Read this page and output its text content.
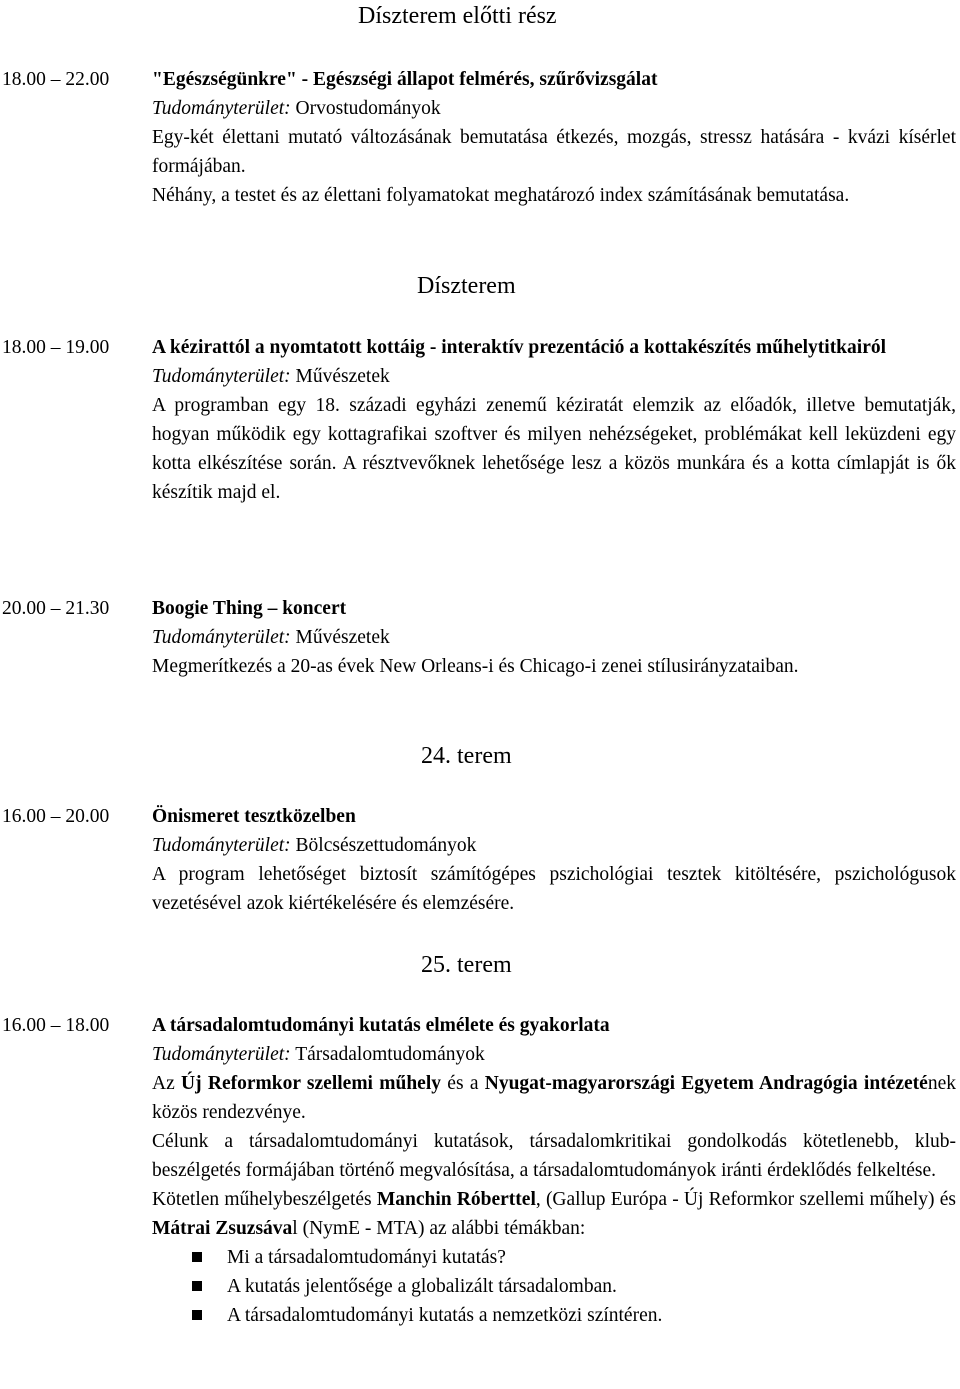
Díszterem előtti rész
18.00 – 22.00 "Egészségünkre" - Egészségi állapot felmérés, szűrővizsgálat
Tudományterület: Orvostudományok

Egy-két élettani mutató változásának bemutatása étkezés, mozgás, stressz hatására - kvázi kísérlet formájában.

Néhány, a testet és az élettani folyamatokat meghatározó index számításának bemutatása.

Díszterem
18.00 – 19.00 A kézirattól a nyomtatott kottáig - interaktív prezentáció a kottakészítés műhelytitkairól
Tudományterület: Művészetek

A programban egy 18. századi egyházi zenemű kéziratát elemzik az előadók, illetve bemutatják, hogyan működik egy kottagrafikai szoftver és milyen nehézségeket, problémákat kell leküzdeni egy kotta elkészítése során. A résztvevőknek lehetősége lesz a közös munkára és a kotta címlapját is ők készítik majd el.

20.00 – 21.30 Boogie Thing – koncert
Tudományterület: Művészetek

Megmerítkezés a 20-as évek New Orleans-i és Chicago-i zenei stílusirányzataiban.

24. terem
16.00 – 20.00 Önismeret tesztközelben
Tudományterület: Bölcsészettudományok

A program lehetőséget biztosít számítógépes pszichológiai tesztek kitöltésére, pszichológusok vezetésével azok kiértékelésére és elemzésére.

25. terem
16.00 – 18.00 A társadalomtudományi kutatás elmélete és gyakorlata
Tudományterület: Társadalomtudományok

Az Új Reformkor szellemi műhely és a Nyugat-magyarországi Egyetem Andragógia intézetének közös rendezvénye.

Célunk a társadalomtudományi kutatások, társadalomkritikai gondolkodás kötetlenebb, klub-beszélgetés formájában történő megvalósítása, a társadalomtudományok iránti érdeklődés felkeltése.

Kötetlen műhelybeszélgetés Manchin Róberttel, (Gallup Európa - Új Reformkor szellemi műhely) és Mátrai Zsuzsával (NymE - MTA) az alábbi témákban:

Mi a társadalomtudományi kutatás?
A kutatás jelentősége a globalizált társadalomban.
A társadalomtudományi kutatás a nemzetközi színtéren.
